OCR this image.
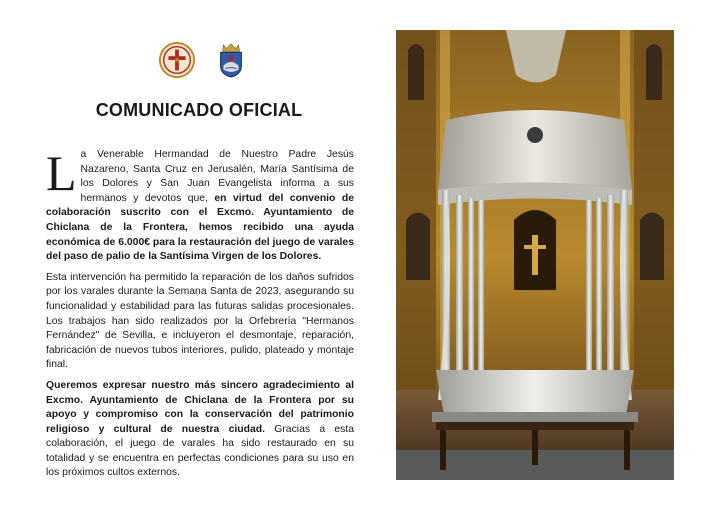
COMUNICADO OFICIAL

La Venerable Hermandad de Nuestro Padre Jesús Nazareno, Santa Cruz en Jerusalén, María Santísima de los Dolores y San Juan Evangelista informa a sus hermanos y devotos que, en virtud del convenio de colaboración suscrito con el Excmo. Ayuntamiento de Chiclana de la Frontera, hemos recibido una ayuda económica de 6.000€ para la restauración del juego de varales del paso de palio de la Santísima Virgen de los Dolores.

Esta intervención ha permitido la reparación de los daños sufridos por los varales durante la Semana Santa de 2023, asegurando su funcionalidad y estabilidad para las futuras salidas procesionales. Los trabajos han sido realizados por la Orfebrería "Hermanos Fernández" de Sevilla, e incluyeron el desmontaje, reparación, fabricación de nuevos tubos interiores, pulido, plateado y montaje final.

Queremos expresar nuestro más sincero agradecimiento al Excmo. Ayuntamiento de Chiclana de la Frontera por su apoyo y compromiso con la conservación del patrimonio religioso y cultural de nuestra ciudad. Gracias a esta colaboración, el juego de varales ha sido restaurado en su totalidad y se encuentra en perfectas condiciones para su uso en los próximos cultos externos.
